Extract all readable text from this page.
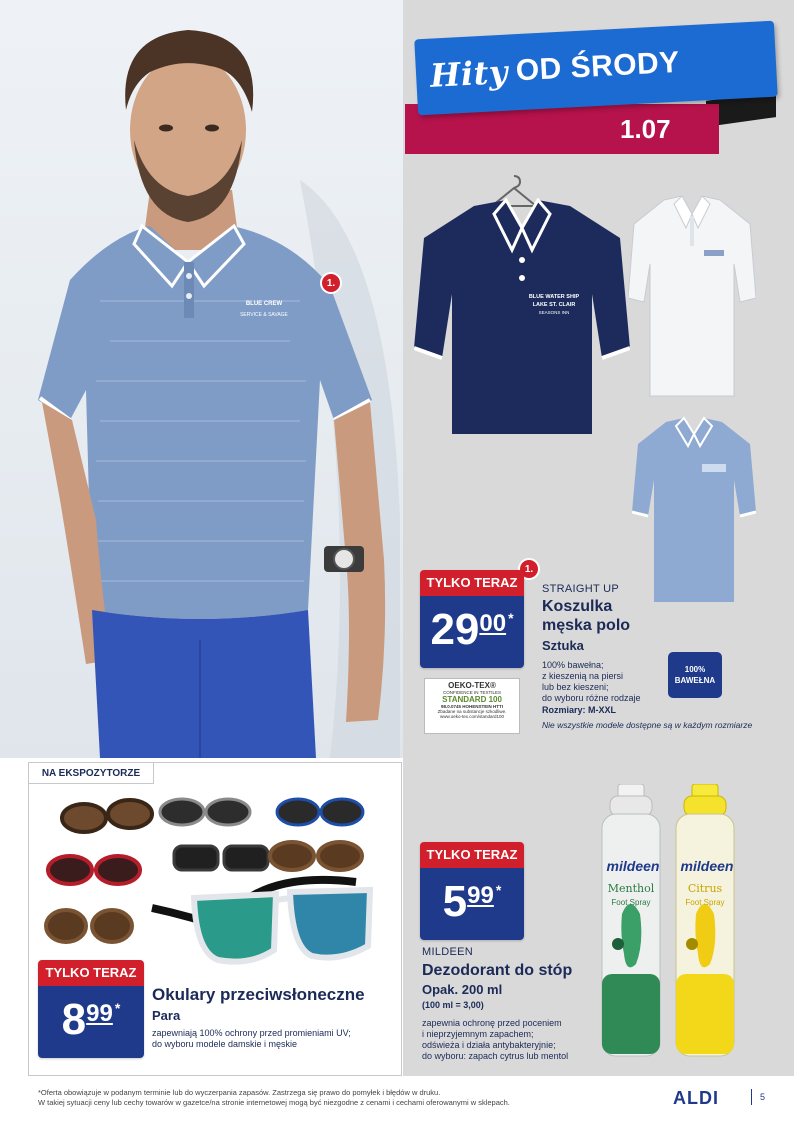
BLUE CREW
SERVICE & SAVAGE
1.
Hity OD ŚRODY
1.07
BLUE WATER SHIP
LAKE ST. CLAIR
SEASONS INN
1.
TYLKO TERAZ
29 00 *
STRAIGHT UP
Koszulka
męska polo
Sztuka
100% bawełna;
z kieszenią na piersi
lub bez kieszeni;
do wyboru różne rodzaje
Rozmiary: M-XXL
Nie wszystkie modele dostępne są w każdym rozmiarze
100%
BAWEŁNA
OEKO-TEX®
CONFIDENCE IN TEXTILES
STANDARD 100
98.0.0745 HOHENSTEIN HTTI
Zbadane na substancje szkodliwe.
www.oeko-tex.com/standard100
NA EKSPOZYTORZE
TYLKO TERAZ
8 99 *
Okulary przeciwsłoneczne
Para
zapewniają 100% ochrony przed promieniami UV;
do wyboru modele damskie i męskie
TYLKO TERAZ
5 99 *
MILDEEN
Dezodorant do stóp
Opak. 200 ml
(100 ml = 3,00)
zapewnia ochronę przed poceniem
i nieprzyjemnym zapachem;
odświeża i działa antybakteryjnie;
do wyboru: zapach cytrus lub mentol
mildeen
Menthol
Foot Spray
mildeen
Citrus
Foot Spray
*Oferta obowiązuje w podanym terminie lub do wyczerpania zapasów. Zastrzega się prawo do pomyłek i błędów w druku.
W takiej sytuacji ceny lub cechy towarów w gazetce/na stronie internetowej mogą być niezgodne z cenami i cechami oferowanymi w sklepach.	ALDI	5
